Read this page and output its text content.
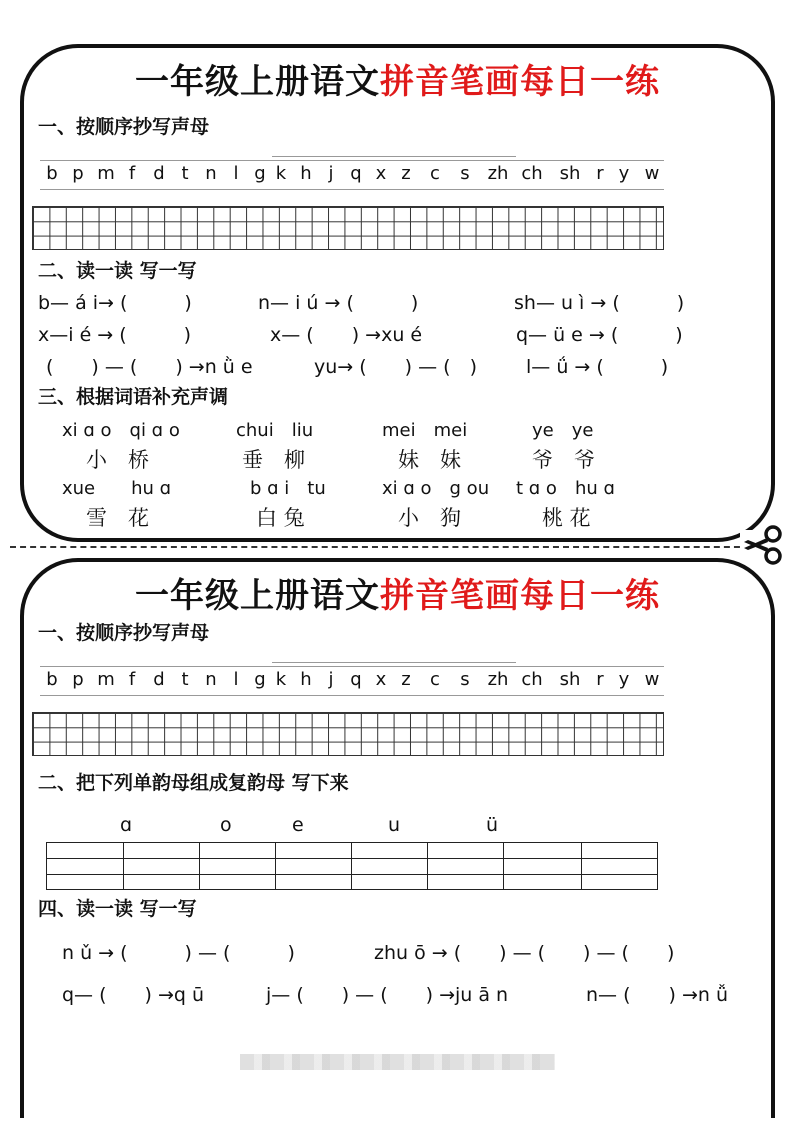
一年级上册语文拼音笔画每日一练
一、按顺序抄写声母
b p m f	d t n l g k h j q x z	c	s zh ch sh r y w
二、读一读 写一写
b— á i→ (　　　)	n— i ú → (　　　)	sh— u ì → (　　　)
x—i é → (　　　)	x— (　　) →xu é	q— ü e → (　　　)
(　　) — (　　) →n ǜ e	yu→ (　　) — (　)	l— ǘ → (　　　)
三、根据词语补充声调
xi ɑ o　qi ɑ o
小　桥
chui　liu
垂　柳
mei　mei
妹　妹
ye　ye
爷　爷
xue　　hu ɑ
雪　花
b ɑ i　tu
白 兔
xi ɑ o　g ou
小　狗
t ɑ o　hu ɑ
桃 花
一年级上册语文拼音笔画每日一练
一、按顺序抄写声母
b p m f	d t n l g k h j q x z	c	s zh ch sh r y w
二、把下列单韵母组成复韵母 写下来
ɑ	o	e	u	ü
四、读一读 写一写
n ǔ → (　　　) — (　　　)	zhu ō → (　　) — (　　) — (　　)
q— (　　) →q ū	j— (　　) — (　　) →ju ā n	n— (　　) →n ǚ
